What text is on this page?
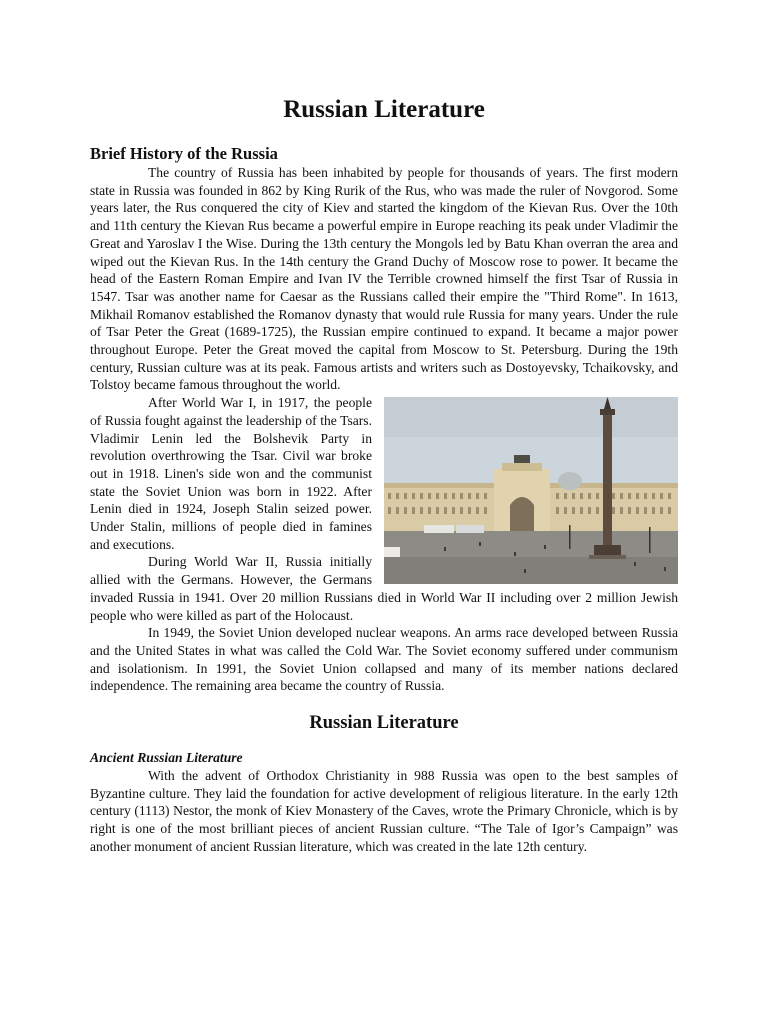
Russian Literature
Brief History of the Russia

The country of Russia has been inhabited by people for thousands of years. The first modern state in Russia was founded in 862 by King Rurik of the Rus, who was made the ruler of Novgorod. Some years later, the Rus conquered the city of Kiev and started the kingdom of the Kievan Rus. Over the 10th and 11th century the Kievan Rus became a powerful empire in Europe reaching its peak under Vladimir the Great and Yaroslav I the Wise. During the 13th century the Mongols led by Batu Khan overran the area and wiped out the Kievan Rus. In the 14th century the Grand Duchy of Moscow rose to power. It became the head of the Eastern Roman Empire and Ivan IV the Terrible crowned himself the first Tsar of Russia in 1547. Tsar was another name for Caesar as the Russians called their empire the "Third Rome". In 1613, Mikhail Romanov established the Romanov dynasty that would rule Russia for many years. Under the rule of Tsar Peter the Great (1689-1725), the Russian empire continued to expand. It became a major power throughout Europe. Peter the Great moved the capital from Moscow to St. Petersburg. During the 19th century, Russian culture was at its peak. Famous artists and writers such as Dostoyevsky, Tchaikovsky, and Tolstoy became famous throughout the world.

After World War I, in 1917, the people of Russia fought against the leadership of the Tsars. Vladimir Lenin led the Bolshevik Party in revolution overthrowing the Tsar. Civil war broke out in 1918. Linen's side won and the communist state the Soviet Union was born in 1922. After Lenin died in 1924, Joseph Stalin seized power. Under Stalin, millions of people died in famines and executions.

During World War II, Russia initially allied with the Germans. However, the Germans invaded Russia in 1941. Over 20 million Russians died in World War II including over 2 million Jewish people who were killed as part of the Holocaust.

In 1949, the Soviet Union developed nuclear weapons. An arms race developed between Russia and the United States in what was called the Cold War. The Soviet economy suffered under communism and isolationism. In 1991, the Soviet Union collapsed and many of its member nations declared independence. The remaining area became the country of Russia.

Russian Literature
Ancient Russian Literature

With the advent of Orthodox Christianity in 988 Russia was open to the best samples of Byzantine culture. They laid the foundation for active development of religious literature. In the early 12th century (1113) Nestor, the monk of Kiev Monastery of the Caves, wrote the Primary Chronicle, which is by right is one of the most brilliant pieces of ancient Russian culture. “The Tale of Igor’s Campaign” was another monument of ancient Russian literature, which was created in the late 12th century.
